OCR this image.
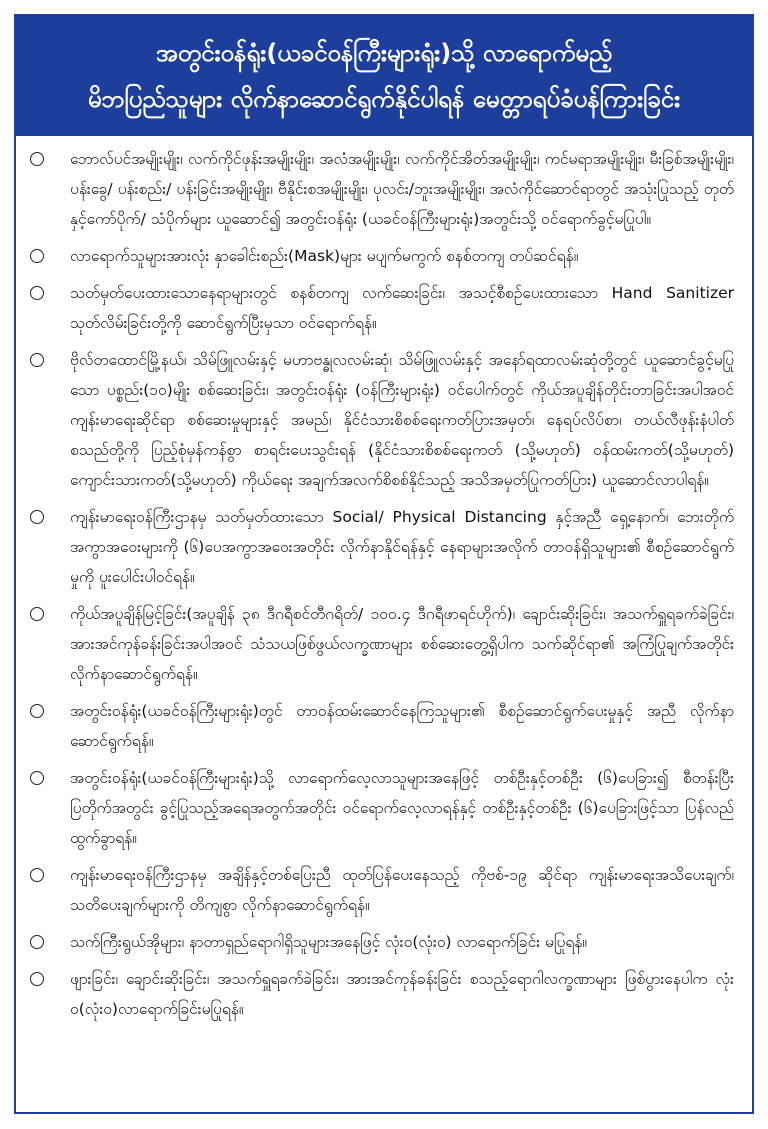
အတွင်းဝန်ရုံး(ယခင်ဝန်ကြီးများရုံး)သို့ လာရောက်မည့်
မိဘပြည်သူများ လိုက်နာဆောင်ရွက်နိုင်ပါရန် မေတ္တာရပ်ခံပန်ကြားခြင်း
ဘောလ်ပင်အမျိုးမျိုး၊ လက်ကိုင်ဖုန်းအမျိုးမျိုး၊ အလံအမျိုးမျိုး၊ လက်ကိုင်အိတ်အမျိုးမျိုး၊ ကင်မရာအမျိုးမျိုး၊ မီးခြစ်အမျိုးမျိုး၊ ပန်းခွေ/ ပန်းစည်း/ ပန်းခြင်းအမျိုးမျိုး၊ ဗီနိုင်းစအမျိုးမျိုး၊ ပုလင်း/ဘူးအမျိုးမျိုး၊ အလံကိုင်ဆောင်ရာတွင် အသုံးပြုသည့် တုတ်နှင့်ကော်ပိုက်/ သံပိုက်များ ယူဆောင်၍ အတွင်းဝန်ရုံး (ယခင်ဝန်ကြီးများရုံး)အတွင်းသို့ ဝင်ရောက်ခွင့်မပြုပါ။
လာရောက်သူများအားလုံး နှာခေါင်းစည်း(Mask)များ မပျက်မကွက် စနစ်တကျ တပ်ဆင်ရန်။
သတ်မှတ်ပေးထားသောနေရာများတွင် စနစ်တကျ လက်ဆေးခြင်း၊ အသင့်စီစဉ်ပေးထားသော Hand Sanitizer သုတ်လိမ်းခြင်းတို့ကို ဆောင်ရွက်ပြီးမှသာ ဝင်ရောက်ရန်။
ဗိုလ်တထောင်မြို့နယ်၊ သိမ်ဖြူလမ်းနှင့် မဟာဗန္ဓုလလမ်းဆုံ၊ သိမ်ဖြူလမ်းနှင့် အနော်ရထာလမ်းဆုံတို့တွင် ယူဆောင်ခွင့်မပြုသော ပစ္စည်း(၁၀)မျိုး စစ်ဆေးခြင်း၊ အတွင်းဝန်ရုံး (ဝန်ကြီးများရုံး) ဝင်ပေါက်တွင် ကိုယ်အပူချိန်တိုင်းတာခြင်းအပါအဝင် ကျန်းမာရေးဆိုင်ရာ စစ်ဆေးမှုများနှင့် အမည်၊ နိုင်ငံသားစိစစ်ရေးကတ်ပြားအမှတ်၊ နေရပ်လိပ်စာ၊ တယ်လီဖုန်းနံပါတ် စသည်တို့ကို ပြည့်စုံမှန်ကန်စွာ စာရင်းပေးသွင်းရန် (နိုင်ငံသားစိစစ်ရေးကတ် (သို့မဟုတ်) ဝန်ထမ်းကတ်(သို့မဟုတ်) ကျောင်းသားကတ်(သို့မဟုတ်) ကိုယ်ရေး အချက်အလက်စိစစ်နိုင်သည့် အသိအမှတ်ပြုကတ်ပြား) ယူဆောင်လာပါရန်။
ကျန်းမာရေးဝန်ကြီးဌာနမှ သတ်မှတ်ထားသော Social/ Physical Distancing နှင့်အညီ ရှေ့နောက်၊ ဘေးတိုက်အကွာအဝေးများကို (၆)ပေအကွာအဝေးအတိုင်း လိုက်နာနိုင်ရန်နှင့် နေရာများအလိုက် တာဝန်ရှိသူများ၏ စီစဉ်ဆောင်ရွက်မှုကို ပူးပေါင်းပါဝင်ရန်။
ကိုယ်အပူချိန်မြင့်ခြင်း(အပူချိန် ၃၈ ဒီဂရီစင်တီဂရိတ်/ ၁၀၀.၄ ဒီဂရီဖာရင်ဟိုက်)၊ ချောင်းဆိုးခြင်း၊ အသက်ရှူရခက်ခဲခြင်း၊ အားအင်ကုန်ခန်းခြင်းအပါအဝင် သံသယဖြစ်ဖွယ်လက္ခဏာများ စစ်ဆေးတွေ့ရှိပါက သက်ဆိုင်ရာ၏ အကြံပြုချက်အတိုင်း လိုက်နာဆောင်ရွက်ရန်။
အတွင်းဝန်ရုံး(ယခင်ဝန်ကြီးများရုံး)တွင် တာဝန်ထမ်းဆောင်နေကြသူများ၏ စီစဉ်ဆောင်ရွက်ပေးမှုနှင့် အညီ လိုက်နာဆောင်ရွက်ရန်။
အတွင်းဝန်ရုံး(ယခင်ဝန်ကြီးများရုံး)သို့ လာရောက်လေ့လာသူများအနေဖြင့် တစ်ဦးနှင့်တစ်ဦး (၆)ပေခြား၍ စီတန်းပြီး ပြတိုက်အတွင်း ခွင့်ပြုသည့်အရေအတွက်အတိုင်း ဝင်ရောက်လေ့လာရန်နှင့် တစ်ဦးနှင့်တစ်ဦး (၆)ပေခြားဖြင့်သာ ပြန်လည်ထွက်ခွာရန်။
ကျန်းမာရေးဝန်ကြီးဌာနမှ အချိန်နှင့်တစ်ပြေးညီ ထုတ်ပြန်ပေးနေသည့် ကိုဗစ်-၁၉ ဆိုင်ရာ ကျန်းမာရေးအသိပေးချက်၊ သတိပေးချက်များကို တိကျစွာ လိုက်နာဆောင်ရွက်ရန်။
သက်ကြီးရွယ်အိုများ၊ နာတာရှည်ရောဂါရှိသူများအနေဖြင့် လုံးဝ(လုံးဝ) လာရောက်ခြင်း မပြုရန်။
ဖျားခြင်း၊ ချောင်းဆိုးခြင်း၊ အသက်ရှူရခက်ခဲခြင်း၊ အားအင်ကုန်ခန်းခြင်း စသည့်ရောဂါလက္ခဏာများ ဖြစ်ပွားနေပါက လုံးဝ(လုံးဝ)လာရောက်ခြင်းမပြုရန်။
